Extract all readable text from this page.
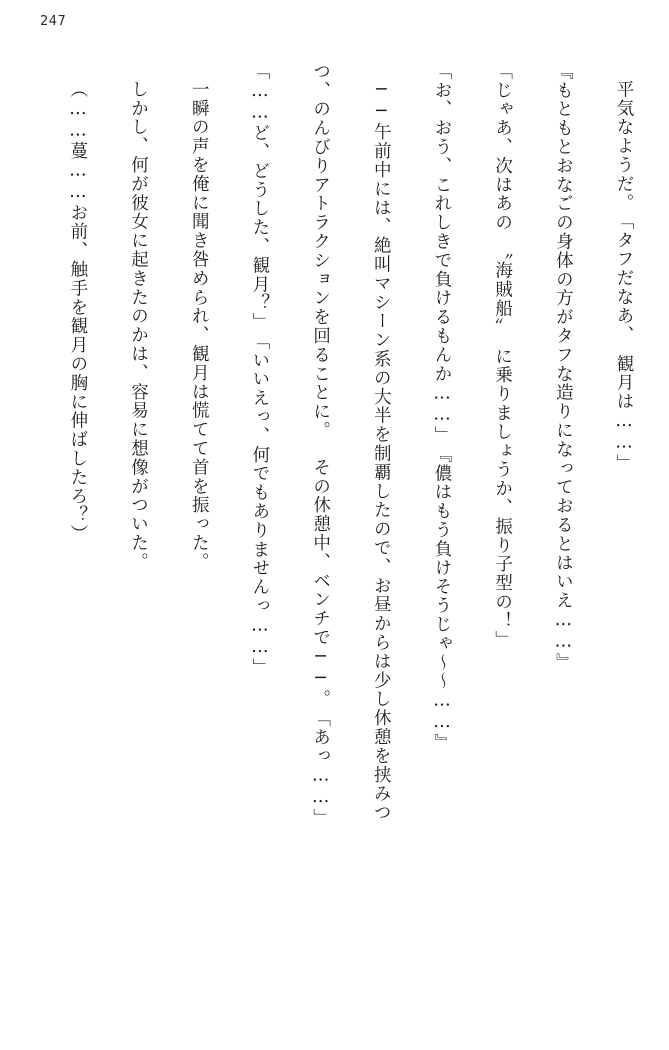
247
平気なようだ。
「タフだなあ、　観月は……」
『もともとおなごの身体の方がタフな造りになっておるとはいえ……』
「じゃあ、次はあの　〝海賊船〟　に乗りましょうか、振り子型の！」
「お、おう、これしきで負けるもんか……」
『儂はもう負けそうじゃ～～……』
──午前中には、絶叫マシーン系の大半を制覇したので、お昼からは少し休憩を挟みつ
つ、のんびりアトラクションを回ることに。
その休憩中、ベンチで──。
「あっ……」
「……ど、どうした、観月？」
「いいえっ、何でもありませんっ……」
一瞬の声を俺に聞き咎められ、観月は慌てて首を振った。
しかし、何が彼女に起きたのかは、容易に想像がついた。
（……蔓……お前、触手を観月の胸に伸ばしたろ？）
